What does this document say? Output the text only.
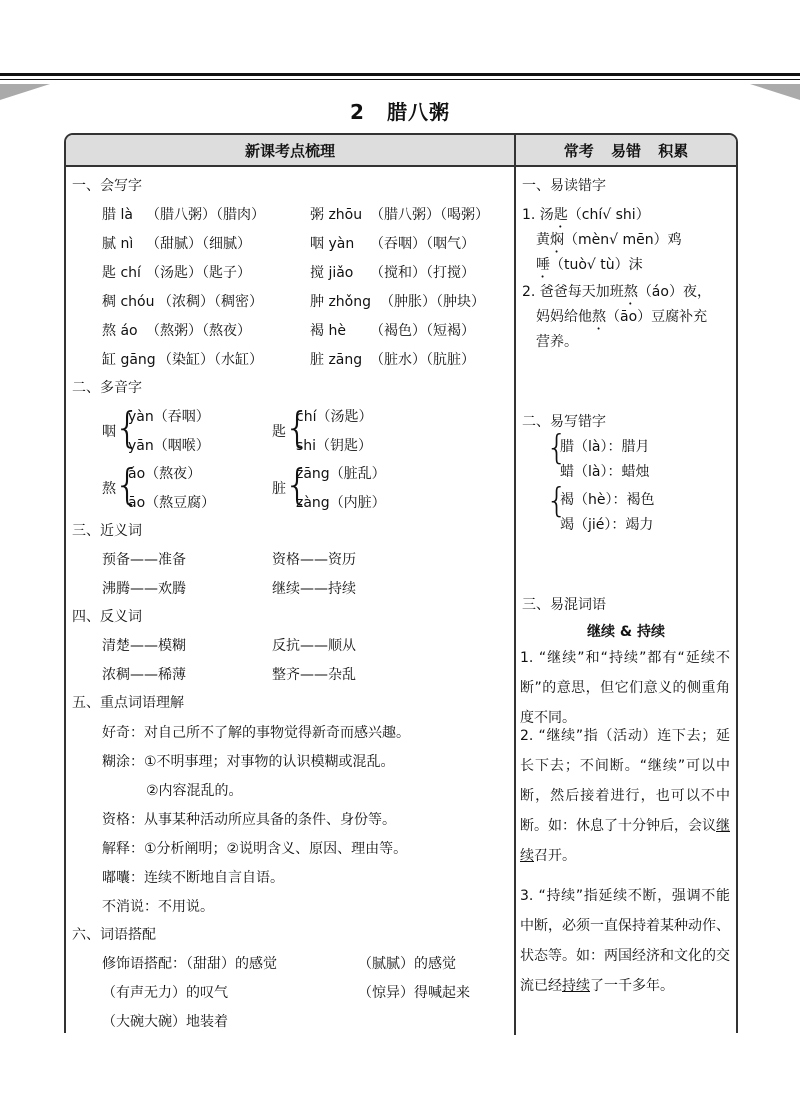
2 腊八粥
新课考点梳理	常考 易错 积累
一、会写字
腊 là （腊八粥）（腊肉）	粥 zhōu （腊八粥）（喝粥）
腻 nì （甜腻）（细腻）	咽 yàn （吞咽）（咽气）
匙 chí （汤匙）（匙子）	搅 jiǎo （搅和）（打搅）
稠 chóu （浓稠）（稠密）	肿 zhǒng （肿胀）（肿块）
熬 áo （熬粥）（熬夜）	褐 hè （褐色）（短褐）
缸 gāng （染缸）（水缸）	脏 zāng （脏水）（肮脏）
二、多音字
咽
{
yàn（吞咽）
yān（咽喉）
匙
{
chí（汤匙）
shi（钥匙）
熬
{
áo（熬夜）
āo（熬豆腐）
脏
{
zāng（脏乱）
zàng（内脏）
三、近义词
预备——准备	资格——资历
沸腾——欢腾	继续——持续
四、反义词
清楚——模糊	反抗——顺从
浓稠——稀薄	整齐——杂乱
五、重点词语理解
好奇：对自己所不了解的事物觉得新奇而感兴趣。
糊涂：①不明事理；对事物的认识模糊或混乱。
②内容混乱的。
资格：从事某种活动所应具备的条件、身份等。
解释：①分析阐明；②说明含义、原因、理由等。
嘟囔：连续不断地自言自语。
不消说：不用说。
六、词语搭配
修饰语搭配：（甜甜）的感觉	（腻腻）的感觉
（有声无力）的叹气	（惊异）得喊起来
（大碗大碗）地装着
一、易读错字
1. 汤匙（chí√ shi）
黄焖（mèn√ mēn）鸡
唾（tuò√ tù）沫
2. 爸爸每天加班熬（áo）夜，
妈妈给他熬（āo）豆腐补充
营养。
二、易写错字
{
腊（là）：腊月
蜡（là）：蜡烛
{
褐（hè）：褐色
竭（jié）：竭力
三、易混词语
继续 & 持续
1. “继续”和“持续”都有“延续不断”的意思，但它们意义的侧重角度不同。
2. “继续”指（活动）连下去；延长下去；不间断。“继续”可以中断，然后接着进行，也可以不中断。如：休息了十分钟后，会议继续召开。
3. “持续”指延续不断，强调不能中断，必须一直保持着某种动作、状态等。如：两国经济和文化的交流已经持续了一千多年。
